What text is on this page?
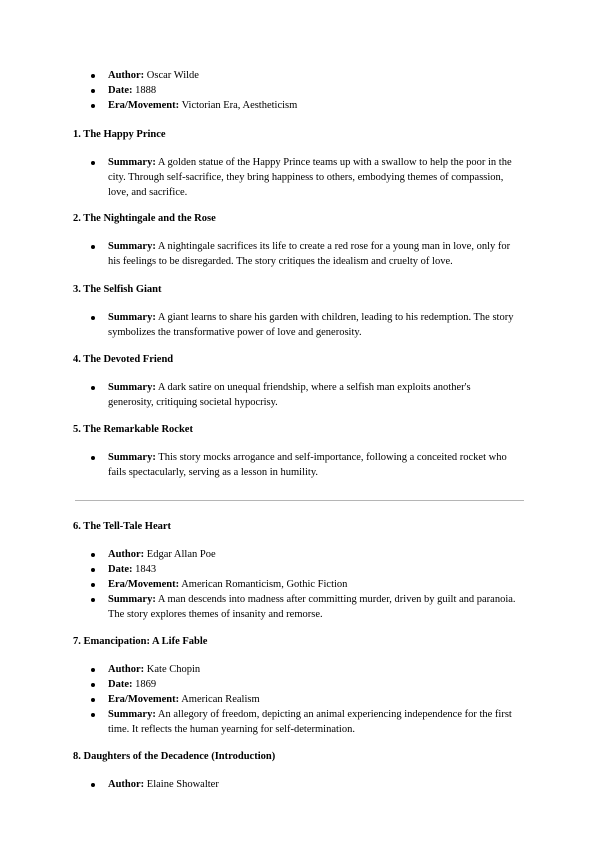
Author: Oscar Wilde
Date: 1888
Era/Movement: Victorian Era, Aestheticism
1. The Happy Prince
Summary: A golden statue of the Happy Prince teams up with a swallow to help the poor in the city. Through self-sacrifice, they bring happiness to others, embodying themes of compassion, love, and sacrifice.
2. The Nightingale and the Rose
Summary: A nightingale sacrifices its life to create a red rose for a young man in love, only for his feelings to be disregarded. The story critiques the idealism and cruelty of love.
3. The Selfish Giant
Summary: A giant learns to share his garden with children, leading to his redemption. The story symbolizes the transformative power of love and generosity.
4. The Devoted Friend
Summary: A dark satire on unequal friendship, where a selfish man exploits another's generosity, critiquing societal hypocrisy.
5. The Remarkable Rocket
Summary: This story mocks arrogance and self-importance, following a conceited rocket who fails spectacularly, serving as a lesson in humility.
6. The Tell-Tale Heart
Author: Edgar Allan Poe
Date: 1843
Era/Movement: American Romanticism, Gothic Fiction
Summary: A man descends into madness after committing murder, driven by guilt and paranoia. The story explores themes of insanity and remorse.
7. Emancipation: A Life Fable
Author: Kate Chopin
Date: 1869
Era/Movement: American Realism
Summary: An allegory of freedom, depicting an animal experiencing independence for the first time. It reflects the human yearning for self-determination.
8. Daughters of the Decadence (Introduction)
Author: Elaine Showalter
